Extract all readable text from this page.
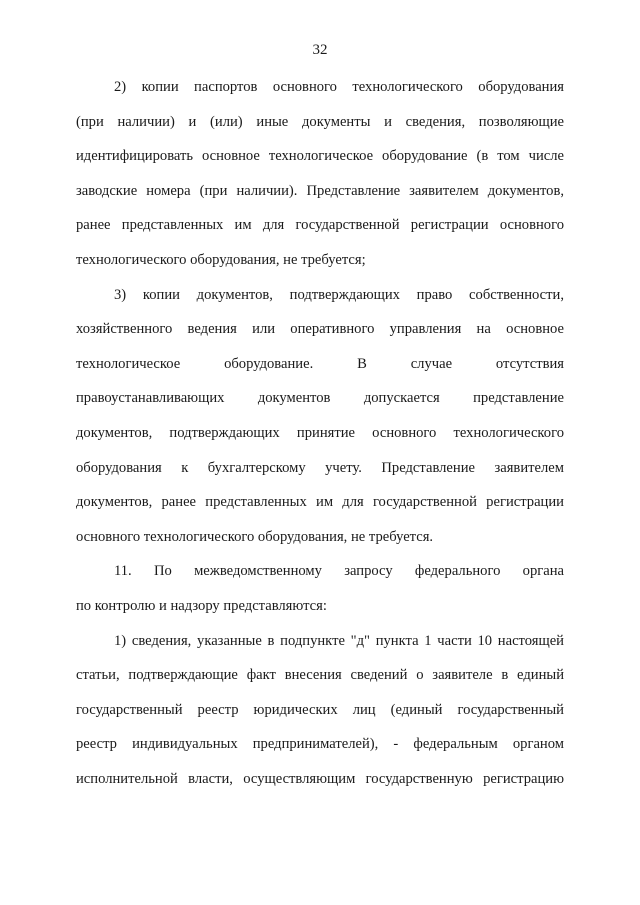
32
2) копии паспортов основного технологического оборудования
(при наличии) и (или) иные документы и сведения, позволяющие
идентифицировать основное технологическое оборудование (в том числе
заводские номера (при наличии). Представление заявителем документов,
ранее представленных им для государственной регистрации основного
технологического оборудования, не требуется;
3) копии документов, подтверждающих право собственности,
хозяйственного ведения или оперативного управления на основное
технологическое оборудование. В случае отсутствия
правоустанавливающих документов допускается представление
документов, подтверждающих принятие основного технологического
оборудования к бухгалтерскому учету. Представление заявителем
документов, ранее представленных им для государственной регистрации
основного технологического оборудования, не требуется.
11. По межведомственному запросу федерального органа
по контролю и надзору представляются:
1) сведения, указанные в подпункте "д" пункта 1 части 10 настоящей
статьи, подтверждающие факт внесения сведений о заявителе в единый
государственный реестр юридических лиц (единый государственный
реестр индивидуальных предпринимателей), - федеральным органом
исполнительной власти, осуществляющим государственную регистрацию
